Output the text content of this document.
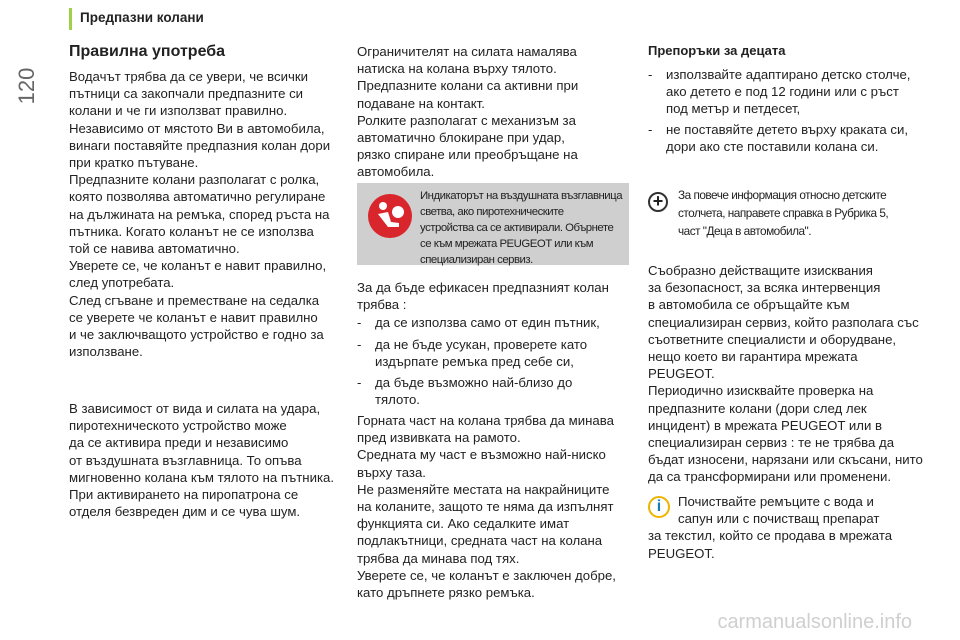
Предпазни колани
120
Правилна употреба
Водачът трябва да се увери, че всички
пътници са закопчали предпазните си
колани и че ги използват правилно.
Независимо от мястото Ви в автомобила,
винаги поставяйте предпазния колан дори
при кратко пътуване.
Предпазните колани разполагат с ролка,
която позволява автоматично регулиране
на дължината на ремъка, според ръста на
пътника. Когато коланът не се използва
той се навива автоматично.
Уверете се, че коланът е навит правилно,
след употребата.
След сгъване и преместване на седалка
се уверете че коланът е навит правилно
и че заключващото устройство е годно за
използване.
В зависимост от вида и силата на удара,
пиротехническото устройство може
да се активира преди и независимо
от въздушната възглавница. То опъва
мигновенно колана към тялото на пътника.
При активирането на пиропатрона се
отделя безвреден дим и се чува шум.
Ограничителят на силата намалява
натиска на колана върху тялото.
Предпазните колани са активни при
подаване на контакт.
Ролките разполагат с механизъм за
автоматично блокиране при удар,
рязко спиране или преобръщане на
автомобила.
Индикаторът на въздушната възглавница
светва, ако пиротехническите
устройства са се активирали. Обърнете
се към мрежата PEUGEOT или към
специализиран сервиз.
За да бъде ефикасен предпазният колан
трябва :
- да се използва само от един пътник,
- да не бъде усукан, проверете като
издърпате ремъка пред себе си,
- да бъде възможно най-близо до
тялото.
Горната част на колана трябва да минава
пред извивката на рамото.
Средната му част е възможно най-ниско
върху таза.
Не разменяйте местата на накрайниците
на коланите, защото те няма да изпълнят
функцията си. Ако седалките имат
подлакътници, средната част на колана
трябва да минава под тях.
Уверете се, че коланът е заключен добре,
като дръпнете рязко ремъка.
Препоръки за децата
- използвайте адаптирано детско столче,
ако детето е под 12 години или с ръст
под метър и петдесет,
- не поставяйте детето върху краката си,
дори ако сте поставили колана си.
+ За повече информация относно детските
столчета, направете справка в Рубрика 5,
част "Деца в автомобила".
Съобразно действащите изисквания
за безопасност, за всяка интервенция
в автомобила се обръщайте към
специализиран сервиз, който разполага със
съответните специалисти и оборудване,
нещо което ви гарантира мрежата
PEUGEOT.
Периодично изисквайте проверка на
предпазните колани (дори след лек
инцидент) в мрежата PEUGEOT или в
специализиран сервиз : те не трябва да
бъдат износени, нарязани или скъсани, нито
да са трансформирани или променени.
i	Почиствайте ремъците с вода и
сапун или с почистващ препарат
за текстил, който се продава в мрежата
PEUGEOT.
carmanualsonline.info
